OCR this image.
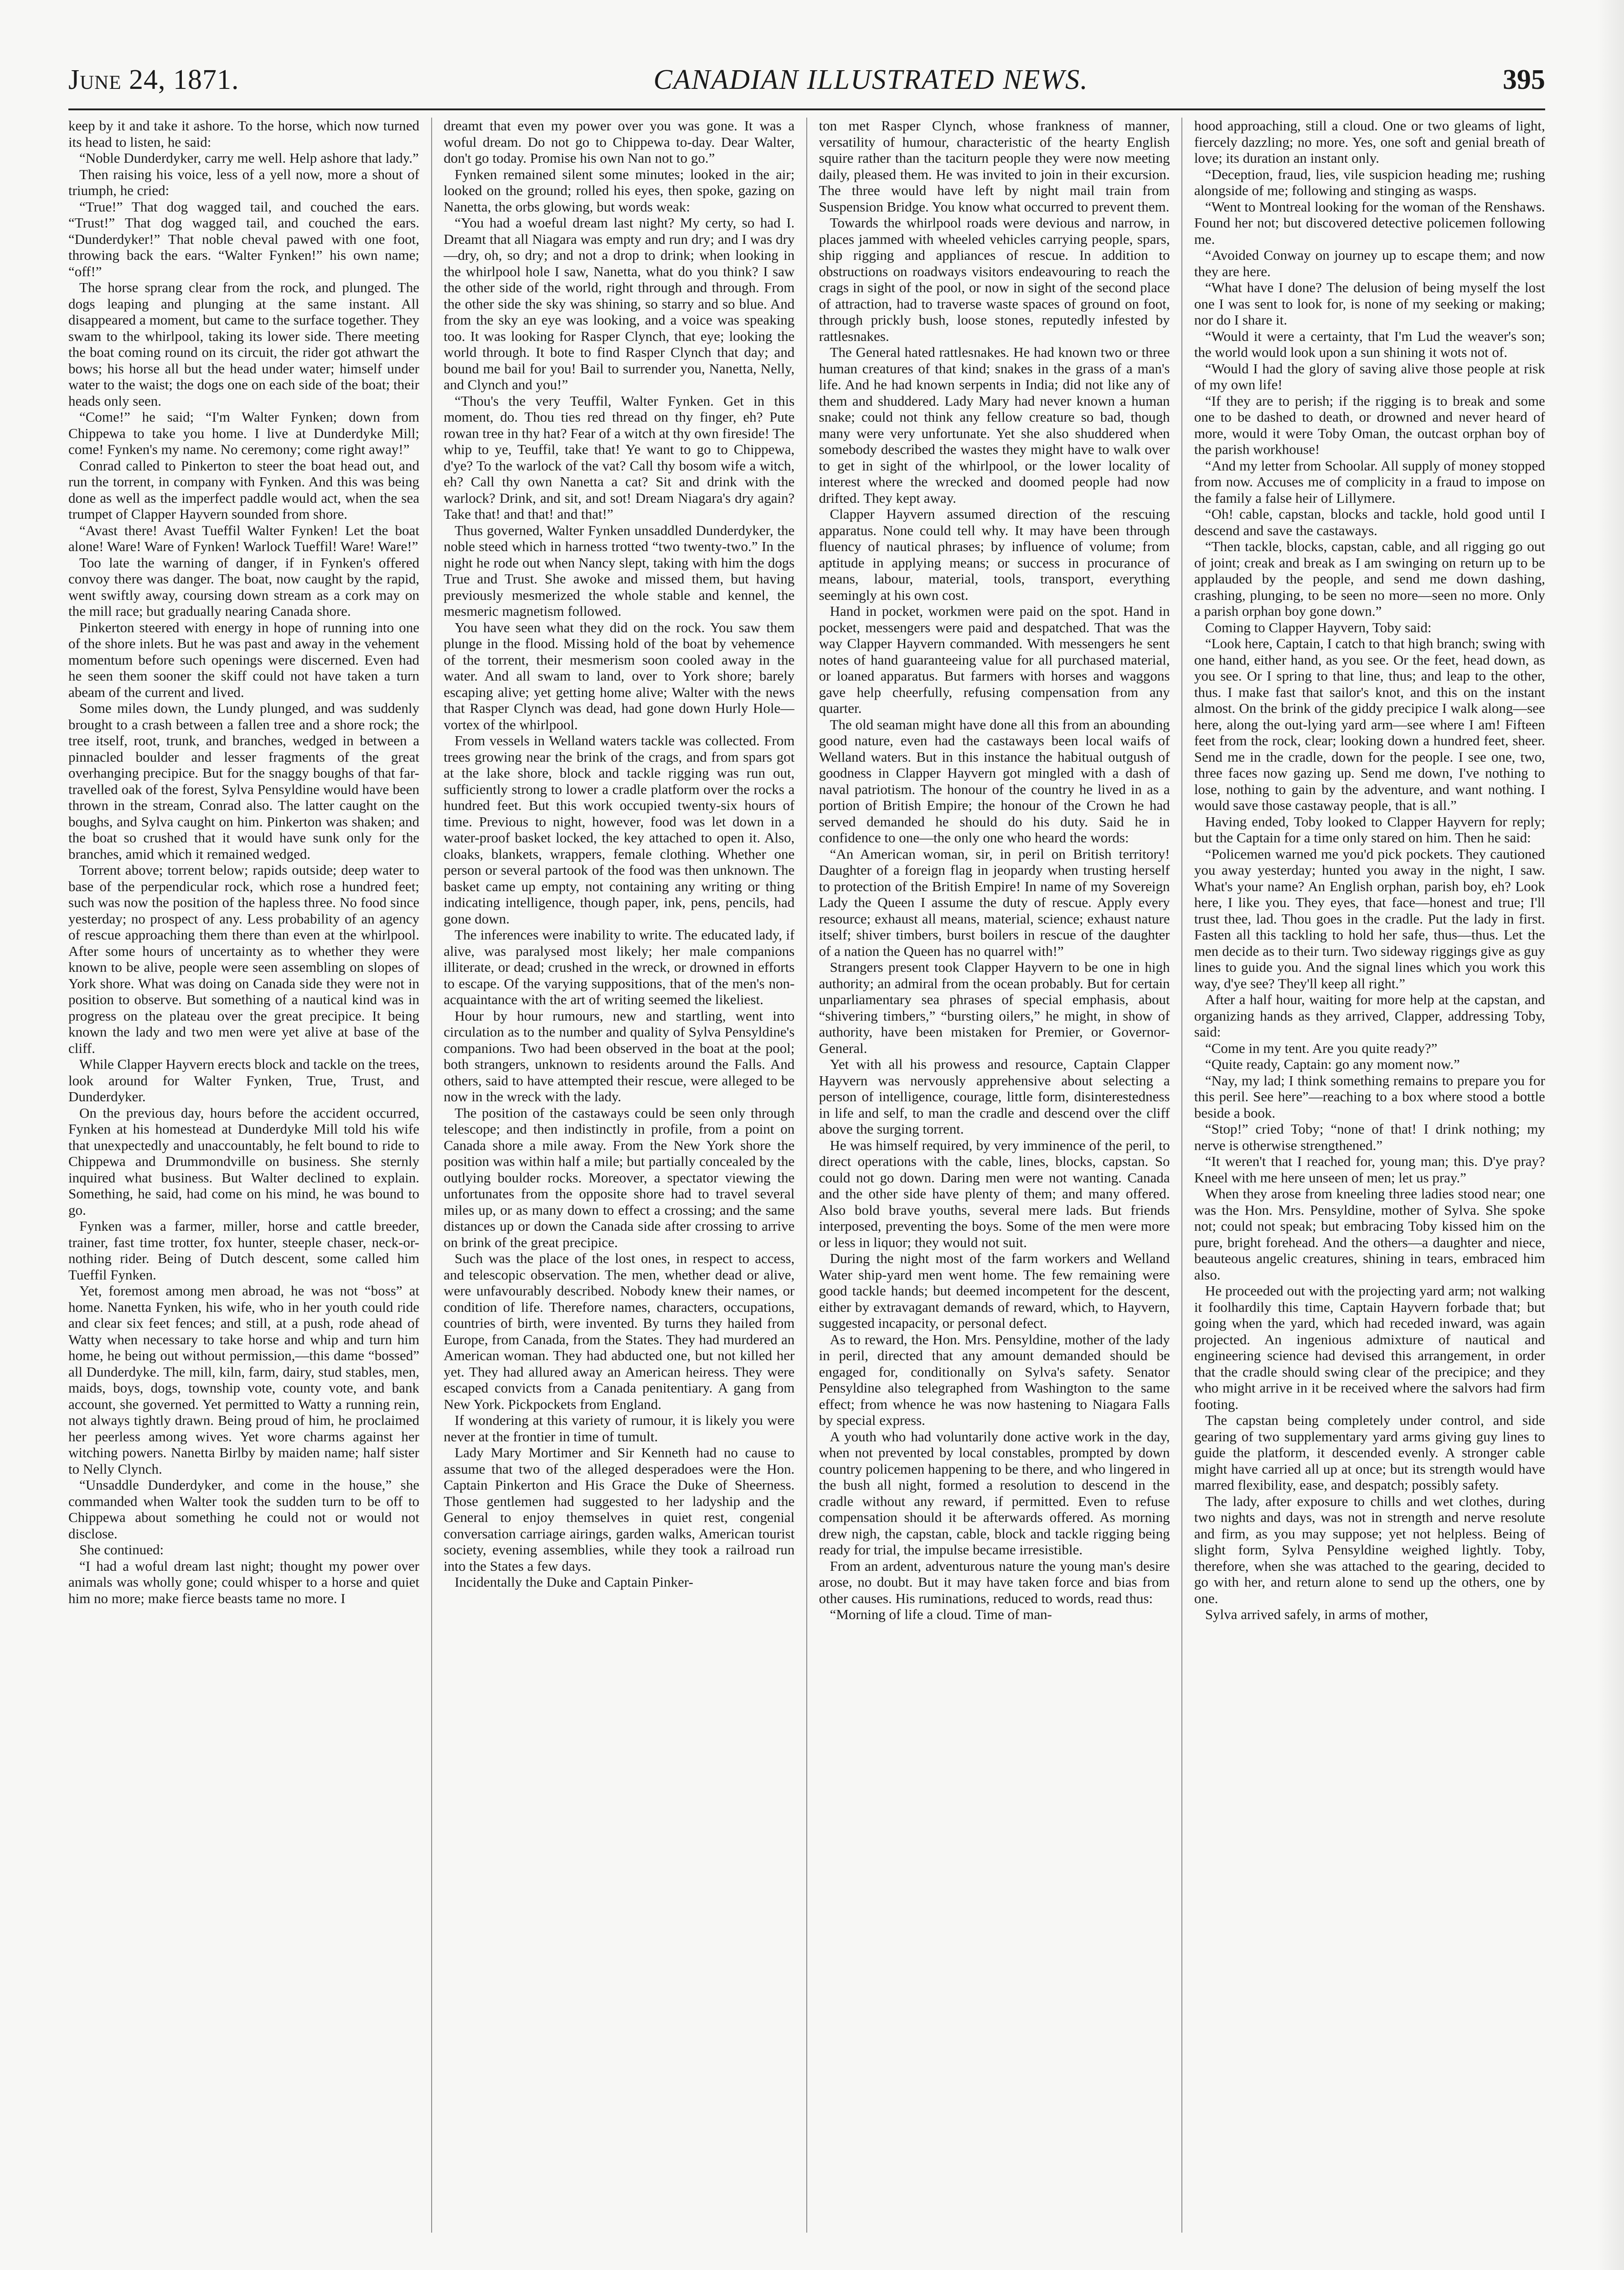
June 24, 1871.	CANADIAN ILLUSTRATED NEWS.	395

keep by it and take it ashore. To the horse, which now turned its head to listen, he said:

“Noble Dunderdyker, carry me well. Help ashore that lady.”

Then raising his voice, less of a yell now, more a shout of triumph, he cried:

“True!” That dog wagged tail, and couched the ears. “Trust!” That dog wagged tail, and couched the ears. “Dunderdyker!” That noble cheval pawed with one foot, throwing back the ears. “Walter Fynken!” his own name; “off!”

The horse sprang clear from the rock, and plunged. The dogs leaping and plunging at the same instant. All disappeared a moment, but came to the surface together. They swam to the whirlpool, taking its lower side. There meeting the boat coming round on its circuit, the rider got athwart the bows; his horse all but the head under water; himself under water to the waist; the dogs one on each side of the boat; their heads only seen.

“Come!” he said; “I'm Walter Fynken; down from Chippewa to take you home. I live at Dunderdyke Mill; come! Fynken's my name. No ceremony; come right away!”

Conrad called to Pinkerton to steer the boat head out, and run the torrent, in company with Fynken. And this was being done as well as the imperfect paddle would act, when the sea trumpet of Clapper Hayvern sounded from shore.

“Avast there! Avast Tueffil Walter Fynken! Let the boat alone! Ware! Ware of Fynken! Warlock Tueffil! Ware! Ware!”

Too late the warning of danger, if in Fynken's offered convoy there was danger. The boat, now caught by the rapid, went swiftly away, coursing down stream as a cork may on the mill race; but gradually nearing Canada shore.

Pinkerton steered with energy in hope of running into one of the shore inlets. But he was past and away in the vehement momentum before such openings were discerned. Even had he seen them sooner the skiff could not have taken a turn abeam of the current and lived.

Some miles down, the Lundy plunged, and was suddenly brought to a crash between a fallen tree and a shore rock; the tree itself, root, trunk, and branches, wedged in between a pinnacled boulder and lesser fragments of the great overhanging precipice. But for the snaggy boughs of that far-travelled oak of the forest, Sylva Pensyldine would have been thrown in the stream, Conrad also. The latter caught on the boughs, and Sylva caught on him. Pinkerton was shaken; and the boat so crushed that it would have sunk only for the branches, amid which it remained wedged.

Torrent above; torrent below; rapids outside; deep water to base of the perpendicular rock, which rose a hundred feet; such was now the position of the hapless three. No food since yesterday; no prospect of any. Less probability of an agency of rescue approaching them there than even at the whirlpool. After some hours of uncertainty as to whether they were known to be alive, people were seen assembling on slopes of York shore. What was doing on Canada side they were not in position to observe. But something of a nautical kind was in progress on the plateau over the great precipice. It being known the lady and two men were yet alive at base of the cliff.

While Clapper Hayvern erects block and tackle on the trees, look around for Walter Fynken, True, Trust, and Dunderdyker.

On the previous day, hours before the accident occurred, Fynken at his homestead at Dunderdyke Mill told his wife that unexpectedly and unaccountably, he felt bound to ride to Chippewa and Drummondville on business. She sternly inquired what business. But Walter declined to explain. Something, he said, had come on his mind, he was bound to go.

Fynken was a farmer, miller, horse and cattle breeder, trainer, fast time trotter, fox hunter, steeple chaser, neck-or-nothing rider. Being of Dutch descent, some called him Tueffil Fynken.

Yet, foremost among men abroad, he was not “boss” at home. Nanetta Fynken, his wife, who in her youth could ride and clear six feet fences; and still, at a push, rode ahead of Watty when necessary to take horse and whip and turn him home, he being out without permission,—this dame “bossed” all Dunderdyke. The mill, kiln, farm, dairy, stud stables, men, maids, boys, dogs, township vote, county vote, and bank account, she governed. Yet permitted to Watty a running rein, not always tightly drawn. Being proud of him, he proclaimed her peerless among wives. Yet wore charms against her witching powers. Nanetta Birlby by maiden name; half sister to Nelly Clynch.

“Unsaddle Dunderdyker, and come in the house,” she commanded when Walter took the sudden turn to be off to Chippewa about something he could not or would not disclose.

She continued:

“I had a woful dream last night; thought my power over animals was wholly gone; could whisper to a horse and quiet him no more; make fierce beasts tame no more. I

dreamt that even my power over you was gone. It was a woful dream. Do not go to Chippewa to-day. Dear Walter, don't go today. Promise his own Nan not to go.”

Fynken remained silent some minutes; looked in the air; looked on the ground; rolled his eyes, then spoke, gazing on Nanetta, the orbs glowing, but words weak:

“You had a woeful dream last night? My certy, so had I. Dreamt that all Niagara was empty and run dry; and I was dry—dry, oh, so dry; and not a drop to drink; when looking in the whirlpool hole I saw, Nanetta, what do you think? I saw the other side of the world, right through and through. From the other side the sky was shining, so starry and so blue. And from the sky an eye was looking, and a voice was speaking too. It was looking for Rasper Clynch, that eye; looking the world through. It bote to find Rasper Clynch that day; and bound me bail for you! Bail to surrender you, Nanetta, Nelly, and Clynch and you!”

“Thou's the very Teuffil, Walter Fynken. Get in this moment, do. Thou ties red thread on thy finger, eh? Pute rowan tree in thy hat? Fear of a witch at thy own fireside! The whip to ye, Teuffil, take that! Ye want to go to Chippewa, d'ye? To the warlock of the vat? Call thy bosom wife a witch, eh? Call thy own Nanetta a cat? Sit and drink with the warlock? Drink, and sit, and sot! Dream Niagara's dry again? Take that! and that! and that!”

Thus governed, Walter Fynken unsaddled Dunderdyker, the noble steed which in harness trotted “two twenty-two.” In the night he rode out when Nancy slept, taking with him the dogs True and Trust. She awoke and missed them, but having previously mesmerized the whole stable and kennel, the mesmeric magnetism followed.

You have seen what they did on the rock. You saw them plunge in the flood. Missing hold of the boat by vehemence of the torrent, their mesmerism soon cooled away in the water. And all swam to land, over to York shore; barely escaping alive; yet getting home alive; Walter with the news that Rasper Clynch was dead, had gone down Hurly Hole—vortex of the whirlpool.

From vessels in Welland waters tackle was collected. From trees growing near the brink of the crags, and from spars got at the lake shore, block and tackle rigging was run out, sufficiently strong to lower a cradle platform over the rocks a hundred feet. But this work occupied twenty-six hours of time. Previous to night, however, food was let down in a water-proof basket locked, the key attached to open it. Also, cloaks, blankets, wrappers, female clothing. Whether one person or several partook of the food was then unknown. The basket came up empty, not containing any writing or thing indicating intelligence, though paper, ink, pens, pencils, had gone down.

The inferences were inability to write. The educated lady, if alive, was paralysed most likely; her male companions illiterate, or dead; crushed in the wreck, or drowned in efforts to escape. Of the varying suppositions, that of the men's non-acquaintance with the art of writing seemed the likeliest.

Hour by hour rumours, new and startling, went into circulation as to the number and quality of Sylva Pensyldine's companions. Two had been observed in the boat at the pool; both strangers, unknown to residents around the Falls. And others, said to have attempted their rescue, were alleged to be now in the wreck with the lady.

The position of the castaways could be seen only through telescope; and then indistinctly in profile, from a point on Canada shore a mile away. From the New York shore the position was within half a mile; but partially concealed by the outlying boulder rocks. Moreover, a spectator viewing the unfortunates from the opposite shore had to travel several miles up, or as many down to effect a crossing; and the same distances up or down the Canada side after crossing to arrive on brink of the great precipice.

Such was the place of the lost ones, in respect to access, and telescopic observation. The men, whether dead or alive, were unfavourably described. Nobody knew their names, or condition of life. Therefore names, characters, occupations, countries of birth, were invented. By turns they hailed from Europe, from Canada, from the States. They had murdered an American woman. They had abducted one, but not killed her yet. They had allured away an American heiress. They were escaped convicts from a Canada penitentiary. A gang from New York. Pickpockets from England.

If wondering at this variety of rumour, it is likely you were never at the frontier in time of tumult.

Lady Mary Mortimer and Sir Kenneth had no cause to assume that two of the alleged desperadoes were the Hon. Captain Pinkerton and His Grace the Duke of Sheerness. Those gentlemen had suggested to her ladyship and the General to enjoy themselves in quiet rest, congenial conversation carriage airings, garden walks, American tourist society, evening assemblies, while they took a railroad run into the States a few days.

Incidentally the Duke and Captain Pinker-

ton met Rasper Clynch, whose frankness of manner, versatility of humour, characteristic of the hearty English squire rather than the taciturn people they were now meeting daily, pleased them. He was invited to join in their excursion. The three would have left by night mail train from Suspension Bridge. You know what occurred to prevent them.

Towards the whirlpool roads were devious and narrow, in places jammed with wheeled vehicles carrying people, spars, ship rigging and appliances of rescue. In addition to obstructions on roadways visitors endeavouring to reach the crags in sight of the pool, or now in sight of the second place of attraction, had to traverse waste spaces of ground on foot, through prickly bush, loose stones, reputedly infested by rattlesnakes.

The General hated rattlesnakes. He had known two or three human creatures of that kind; snakes in the grass of a man's life. And he had known serpents in India; did not like any of them and shuddered. Lady Mary had never known a human snake; could not think any fellow creature so bad, though many were very unfortunate. Yet she also shuddered when somebody described the wastes they might have to walk over to get in sight of the whirlpool, or the lower locality of interest where the wrecked and doomed people had now drifted. They kept away.

Clapper Hayvern assumed direction of the rescuing apparatus. None could tell why. It may have been through fluency of nautical phrases; by influence of volume; from aptitude in applying means; or success in procurance of means, labour, material, tools, transport, everything seemingly at his own cost.

Hand in pocket, workmen were paid on the spot. Hand in pocket, messengers were paid and despatched. That was the way Clapper Hayvern commanded. With messengers he sent notes of hand guaranteeing value for all purchased material, or loaned apparatus. But farmers with horses and waggons gave help cheerfully, refusing compensation from any quarter.

The old seaman might have done all this from an abounding good nature, even had the castaways been local waifs of Welland waters. But in this instance the habitual outgush of goodness in Clapper Hayvern got mingled with a dash of naval patriotism. The honour of the country he lived in as a portion of British Empire; the honour of the Crown he had served demanded he should do his duty. Said he in confidence to one—the only one who heard the words:

“An American woman, sir, in peril on British territory! Daughter of a foreign flag in jeopardy when trusting herself to protection of the British Empire! In name of my Sovereign Lady the Queen I assume the duty of rescue. Apply every resource; exhaust all means, material, science; exhaust nature itself; shiver timbers, burst boilers in rescue of the daughter of a nation the Queen has no quarrel with!”

Strangers present took Clapper Hayvern to be one in high authority; an admiral from the ocean probably. But for certain unparliamentary sea phrases of special emphasis, about “shivering timbers,” “bursting oilers,” he might, in show of authority, have been mistaken for Premier, or Governor-General.

Yet with all his prowess and resource, Captain Clapper Hayvern was nervously apprehensive about selecting a person of intelligence, courage, little form, disinterestedness in life and self, to man the cradle and descend over the cliff above the surging torrent.

He was himself required, by very imminence of the peril, to direct operations with the cable, lines, blocks, capstan. So could not go down. Daring men were not wanting. Canada and the other side have plenty of them; and many offered. Also bold brave youths, several mere lads. But friends interposed, preventing the boys. Some of the men were more or less in liquor; they would not suit.

During the night most of the farm workers and Welland Water ship-yard men went home. The few remaining were good tackle hands; but deemed incompetent for the descent, either by extravagant demands of reward, which, to Hayvern, suggested incapacity, or personal defect.

As to reward, the Hon. Mrs. Pensyldine, mother of the lady in peril, directed that any amount demanded should be engaged for, conditionally on Sylva's safety. Senator Pensyldine also telegraphed from Washington to the same effect; from whence he was now hastening to Niagara Falls by special express.

A youth who had voluntarily done active work in the day, when not prevented by local constables, prompted by down country policemen happening to be there, and who lingered in the bush all night, formed a resolution to descend in the cradle without any reward, if permitted. Even to refuse compensation should it be afterwards offered. As morning drew nigh, the capstan, cable, block and tackle rigging being ready for trial, the impulse became irresistible.

From an ardent, adventurous nature the young man's desire arose, no doubt. But it may have taken force and bias from other causes. His ruminations, reduced to words, read thus:

“Morning of life a cloud. Time of man-

hood approaching, still a cloud. One or two gleams of light, fiercely dazzling; no more. Yes, one soft and genial breath of love; its duration an instant only.

“Deception, fraud, lies, vile suspicion heading me; rushing alongside of me; following and stinging as wasps.

“Went to Montreal looking for the woman of the Renshaws. Found her not; but discovered detective policemen following me.

“Avoided Conway on journey up to escape them; and now they are here.

“What have I done? The delusion of being myself the lost one I was sent to look for, is none of my seeking or making; nor do I share it.

“Would it were a certainty, that I'm Lud the weaver's son; the world would look upon a sun shining it wots not of.

“Would I had the glory of saving alive those people at risk of my own life!

“If they are to perish; if the rigging is to break and some one to be dashed to death, or drowned and never heard of more, would it were Toby Oman, the outcast orphan boy of the parish workhouse!

“And my letter from Schoolar. All supply of money stopped from now. Accuses me of complicity in a fraud to impose on the family a false heir of Lillymere.

“Oh! cable, capstan, blocks and tackle, hold good until I descend and save the castaways.

“Then tackle, blocks, capstan, cable, and all rigging go out of joint; creak and break as I am swinging on return up to be applauded by the people, and send me down dashing, crashing, plunging, to be seen no more—seen no more. Only a parish orphan boy gone down.”

Coming to Clapper Hayvern, Toby said:

“Look here, Captain, I catch to that high branch; swing with one hand, either hand, as you see. Or the feet, head down, as you see. Or I spring to that line, thus; and leap to the other, thus. I make fast that sailor's knot, and this on the instant almost. On the brink of the giddy precipice I walk along—see here, along the out-lying yard arm—see where I am! Fifteen feet from the rock, clear; looking down a hundred feet, sheer. Send me in the cradle, down for the people. I see one, two, three faces now gazing up. Send me down, I've nothing to lose, nothing to gain by the adventure, and want nothing. I would save those castaway people, that is all.”

Having ended, Toby looked to Clapper Hayvern for reply; but the Captain for a time only stared on him. Then he said:

“Policemen warned me you'd pick pockets. They cautioned you away yesterday; hunted you away in the night, I saw. What's your name? An English orphan, parish boy, eh? Look here, I like you. They eyes, that face—honest and true; I'll trust thee, lad. Thou goes in the cradle. Put the lady in first. Fasten all this tackling to hold her safe, thus—thus. Let the men decide as to their turn. Two sideway riggings give as guy lines to guide you. And the signal lines which you work this way, d'ye see? They'll keep all right.”

After a half hour, waiting for more help at the capstan, and organizing hands as they arrived, Clapper, addressing Toby, said:

“Come in my tent. Are you quite ready?”

“Quite ready, Captain: go any moment now.”

“Nay, my lad; I think something remains to prepare you for this peril. See here”—reaching to a box where stood a bottle beside a book.

“Stop!” cried Toby; “none of that! I drink nothing; my nerve is otherwise strengthened.”

“It weren't that I reached for, young man; this. D'ye pray? Kneel with me here unseen of men; let us pray.”

When they arose from kneeling three ladies stood near; one was the Hon. Mrs. Pensyldine, mother of Sylva. She spoke not; could not speak; but embracing Toby kissed him on the pure, bright forehead. And the others—a daughter and niece, beauteous angelic creatures, shining in tears, embraced him also.

He proceeded out with the projecting yard arm; not walking it foolhardily this time, Captain Hayvern forbade that; but going when the yard, which had receded inward, was again projected. An ingenious admixture of nautical and engineering science had devised this arrangement, in order that the cradle should swing clear of the precipice; and they who might arrive in it be received where the salvors had firm footing.

The capstan being completely under control, and side gearing of two supplementary yard arms giving guy lines to guide the platform, it descended evenly. A stronger cable might have carried all up at once; but its strength would have marred flexibility, ease, and despatch; possibly safety.

The lady, after exposure to chills and wet clothes, during two nights and days, was not in strength and nerve resolute and firm, as you may suppose; yet not helpless. Being of slight form, Sylva Pensyldine weighed lightly. Toby, therefore, when she was attached to the gearing, decided to go with her, and return alone to send up the others, one by one.

Sylva arrived safely, in arms of mother,
